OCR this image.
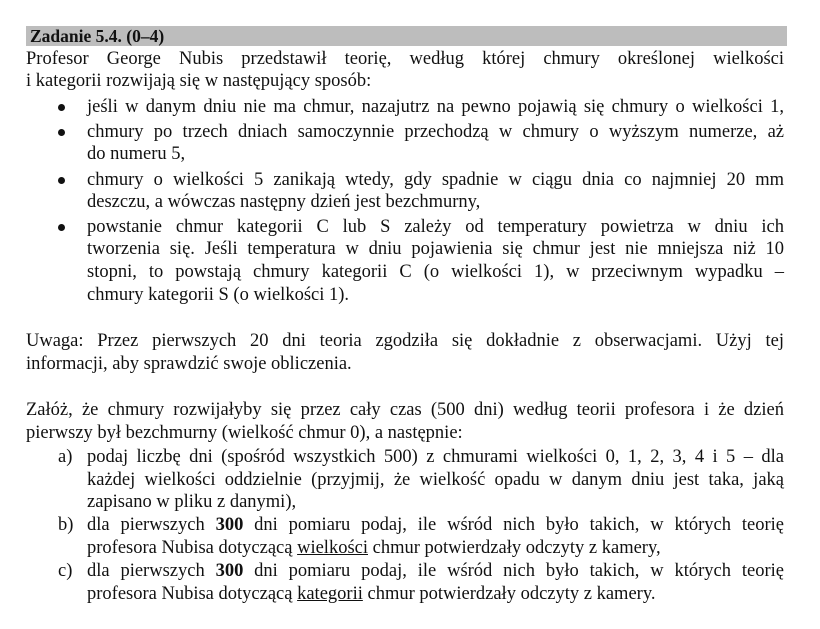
Zadanie 5.4. (0–4)
Profesor George Nubis przedstawił teorię, według której chmury określonej wielkości
i kategorii rozwijają się w następujący sposób:
jeśli w danym dniu nie ma chmur, nazajutrz na pewno pojawią się chmury o wielkości 1,
chmury po trzech dniach samoczynnie przechodzą w chmury o wyższym numerze, aż
do numeru 5,
chmury o wielkości 5 zanikają wtedy, gdy spadnie w ciągu dnia co najmniej 20 mm
deszczu, a wówczas następny dzień jest bezchmurny,
powstanie chmur kategorii C lub S zależy od temperatury powietrza w dniu ich
tworzenia się. Jeśli temperatura w dniu pojawienia się chmur jest nie mniejsza niż 10
stopni, to powstają chmury kategorii C (o wielkości 1), w przeciwnym wypadku –
chmury kategorii S (o wielkości 1).
Uwaga: Przez pierwszych 20 dni teoria zgodziła się dokładnie z obserwacjami. Użyj tej
informacji, aby sprawdzić swoje obliczenia.
Załóż, że chmury rozwijałyby się przez cały czas (500 dni) według teorii profesora i że dzień
pierwszy był bezchmurny (wielkość chmur 0), a następnie:
a) podaj liczbę dni (spośród wszystkich 500) z chmurami wielkości 0, 1, 2, 3, 4 i 5 – dla
każdej wielkości oddzielnie (przyjmij, że wielkość opadu w danym dniu jest taka, jaką
zapisano w pliku z danymi),
b) dla pierwszych 300 dni pomiaru podaj, ile wśród nich było takich, w których teorię
profesora Nubisa dotyczącą wielkości chmur potwierdzały odczyty z kamery,
c) dla pierwszych 300 dni pomiaru podaj, ile wśród nich było takich, w których teorię
profesora Nubisa dotyczącą kategorii chmur potwierdzały odczyty z kamery.
